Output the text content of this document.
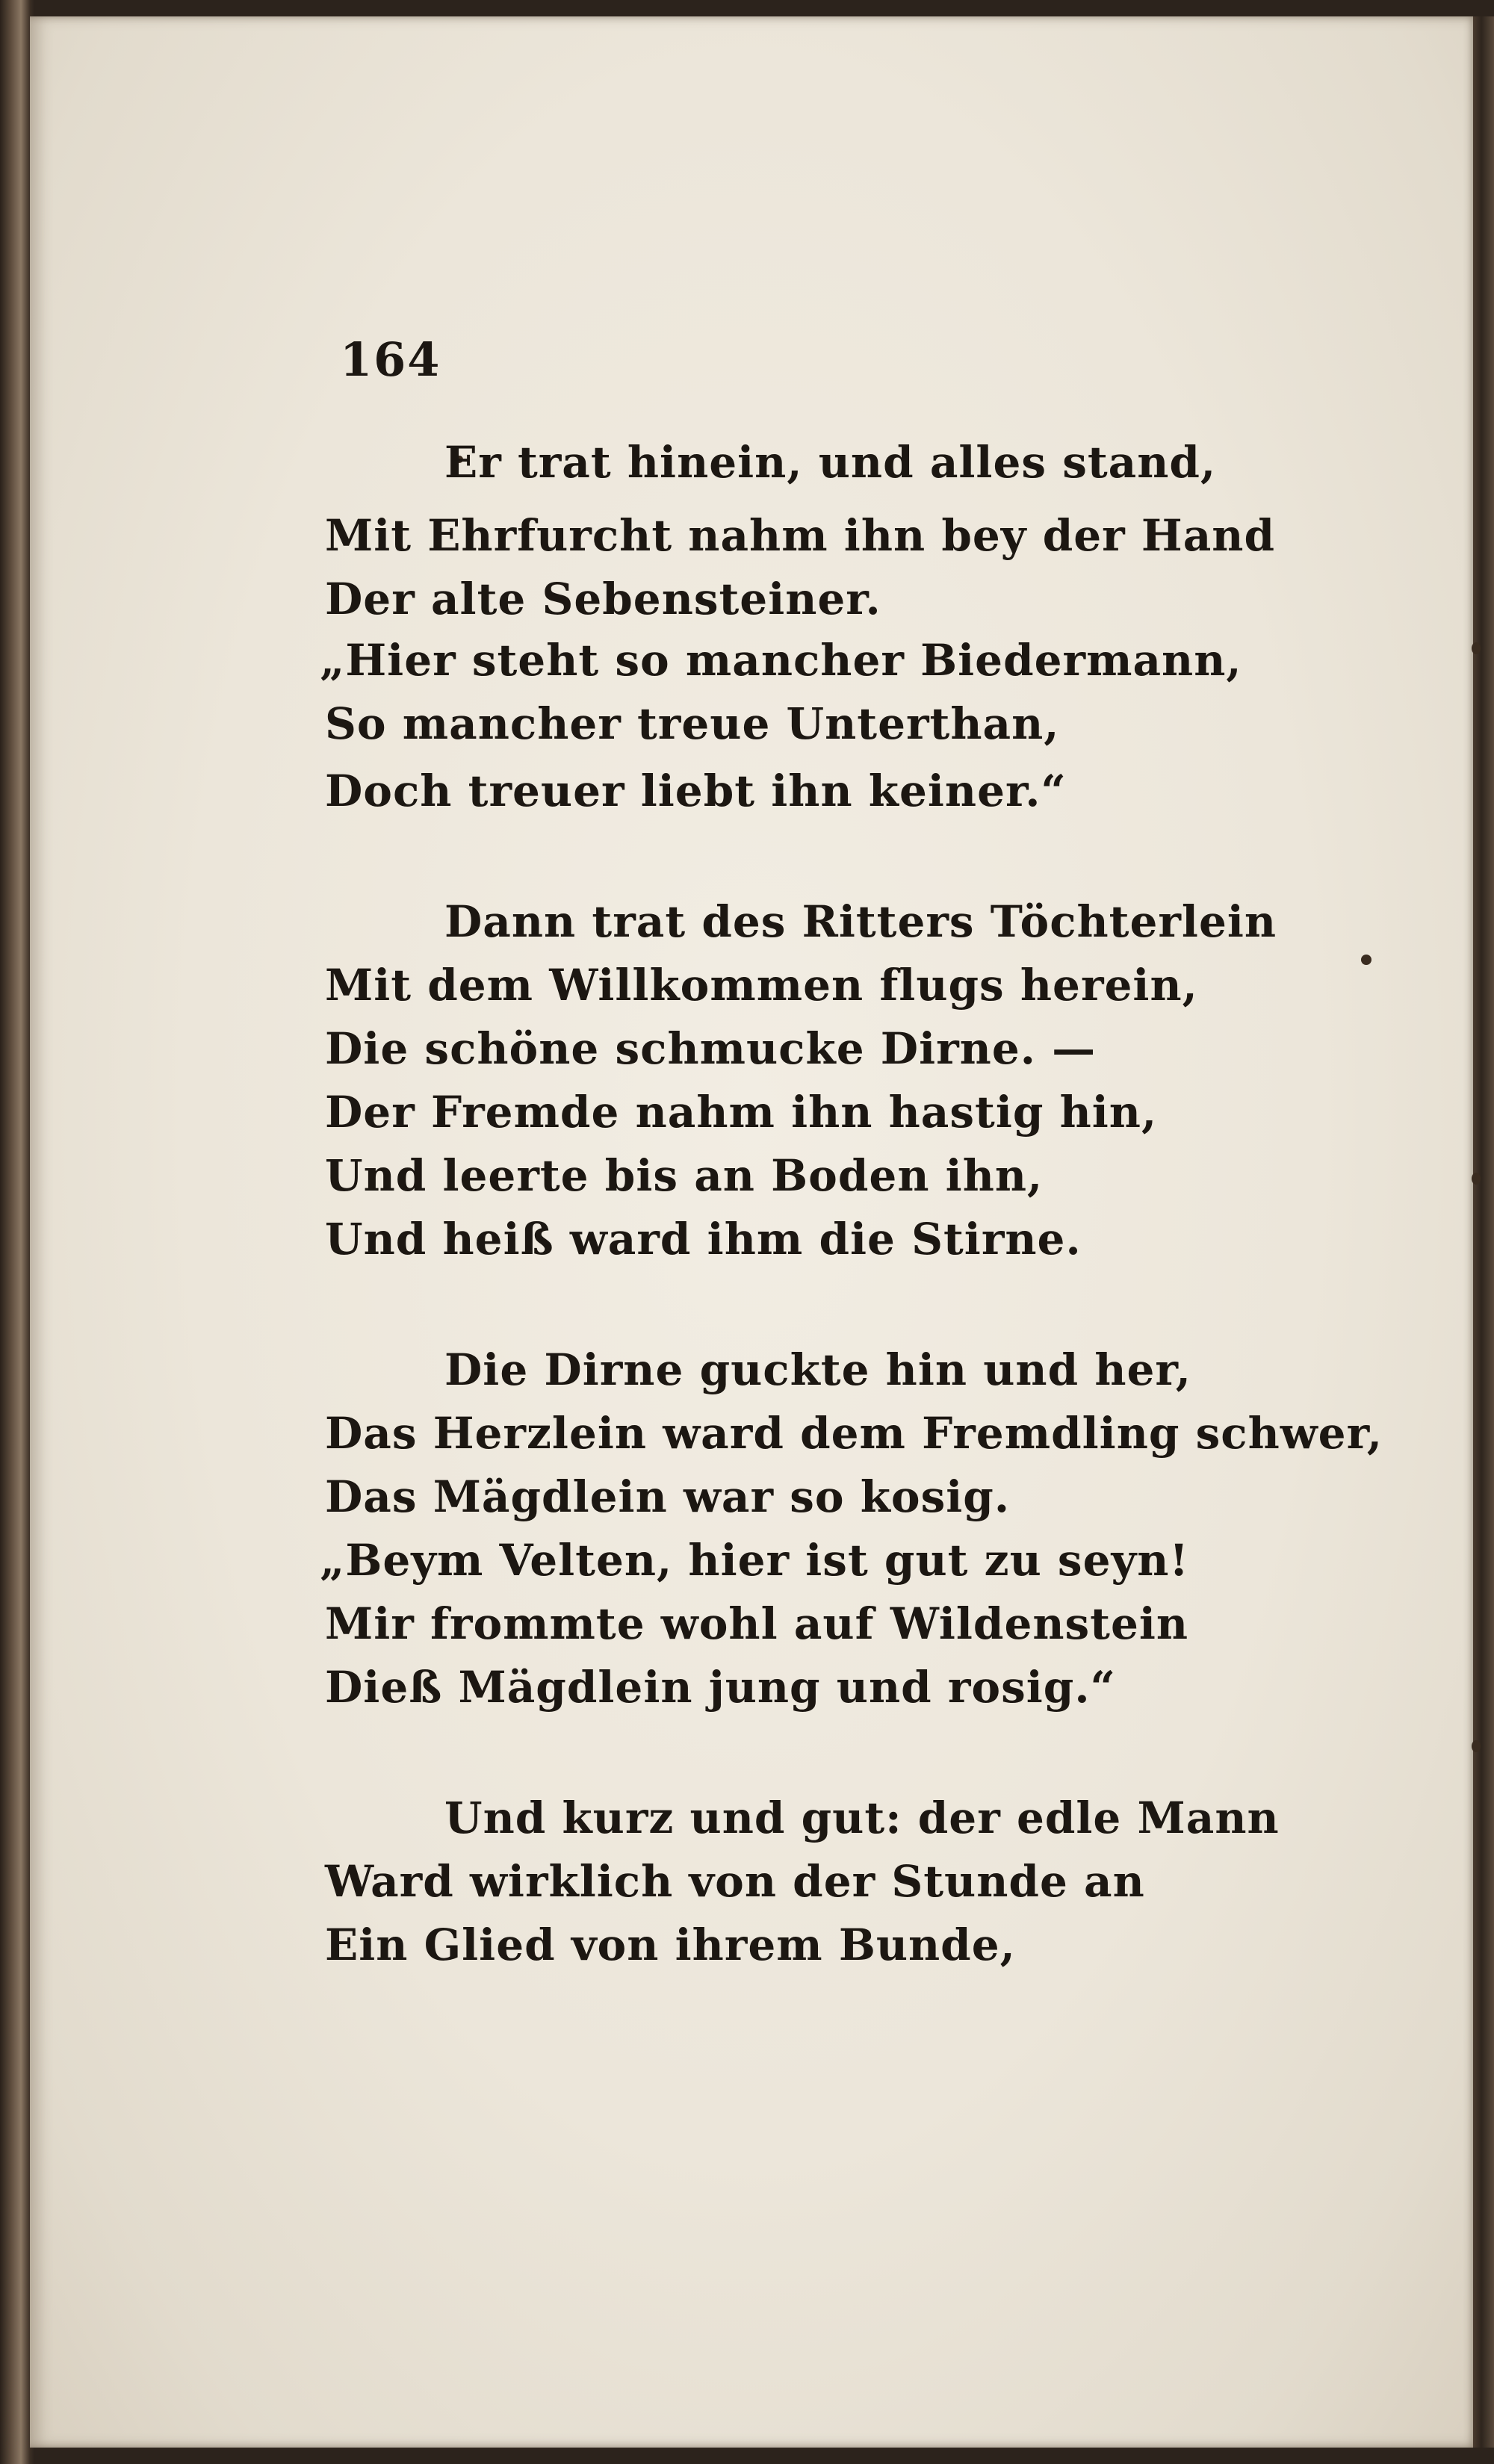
164
Er trat hinein, und alles stand,
Mit Ehrfurcht nahm ihn bey der Hand
Der alte Sebensteiner.
„Hier steht so mancher Biedermann,
So mancher treue Unterthan,
Doch treuer liebt ihn keiner.“
Dann trat des Ritters Töchterlein
Mit dem Willkommen flugs herein,
Die schöne schmucke Dirne. —
Der Fremde nahm ihn hastig hin,
Und leerte bis an Boden ihn,
Und heiß ward ihm die Stirne.
Die Dirne guckte hin und her,
Das Herzlein ward dem Fremdling schwer,
Das Mägdlein war so kosig.
„Beym Velten, hier ist gut zu seyn!
Mir frommte wohl auf Wildenstein
Dieß Mägdlein jung und rosig.“
Und kurz und gut: der edle Mann
Ward wirklich von der Stunde an
Ein Glied von ihrem Bunde,
